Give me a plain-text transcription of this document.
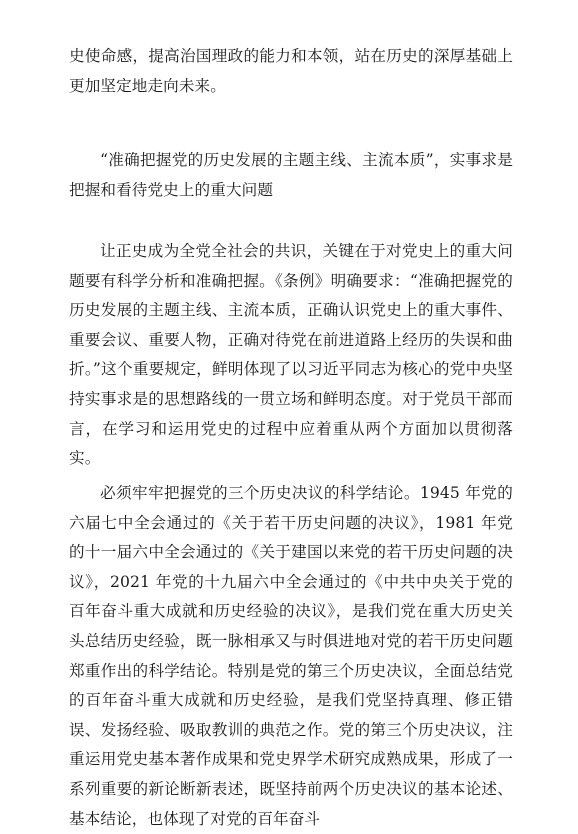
史使命感，提高治国理政的能力和本领，站在历史的深厚基础上更加坚定地走向未来。

“准确把握党的历史发展的主题主线、主流本质”，实事求是把握和看待党史上的重大问题

让正史成为全党全社会的共识，关键在于对党史上的重大问题要有科学分析和准确把握。《条例》明确要求：“准确把握党的历史发展的主题主线、主流本质，正确认识党史上的重大事件、重要会议、重要人物，正确对待党在前进道路上经历的失误和曲折。”这个重要规定，鲜明体现了以习近平同志为核心的党中央坚持实事求是的思想路线的一贯立场和鲜明态度。对于党员干部而言，在学习和运用党史的过程中应着重从两个方面加以贯彻落实。

必须牢牢把握党的三个历史决议的科学结论。1945 年党的六届七中全会通过的《关于若干历史问题的决议》，1981 年党的十一届六中全会通过的《关于建国以来党的若干历史问题的决议》，2021 年党的十九届六中全会通过的《中共中央关于党的百年奋斗重大成就和历史经验的决议》，是我们党在重大历史关头总结历史经验，既一脉相承又与时俱进地对党的若干历史问题郑重作出的科学结论。特别是党的第三个历史决议，全面总结党的百年奋斗重大成就和历史经验，是我们党坚持真理、修正错误、发扬经验、吸取教训的典范之作。党的第三个历史决议，注重运用党史基本著作成果和党史界学术研究成熟成果，形成了一系列重要的新论断新表述，既坚持前两个历史决议的基本论述、基本结论，也体现了对党的百年奋斗
